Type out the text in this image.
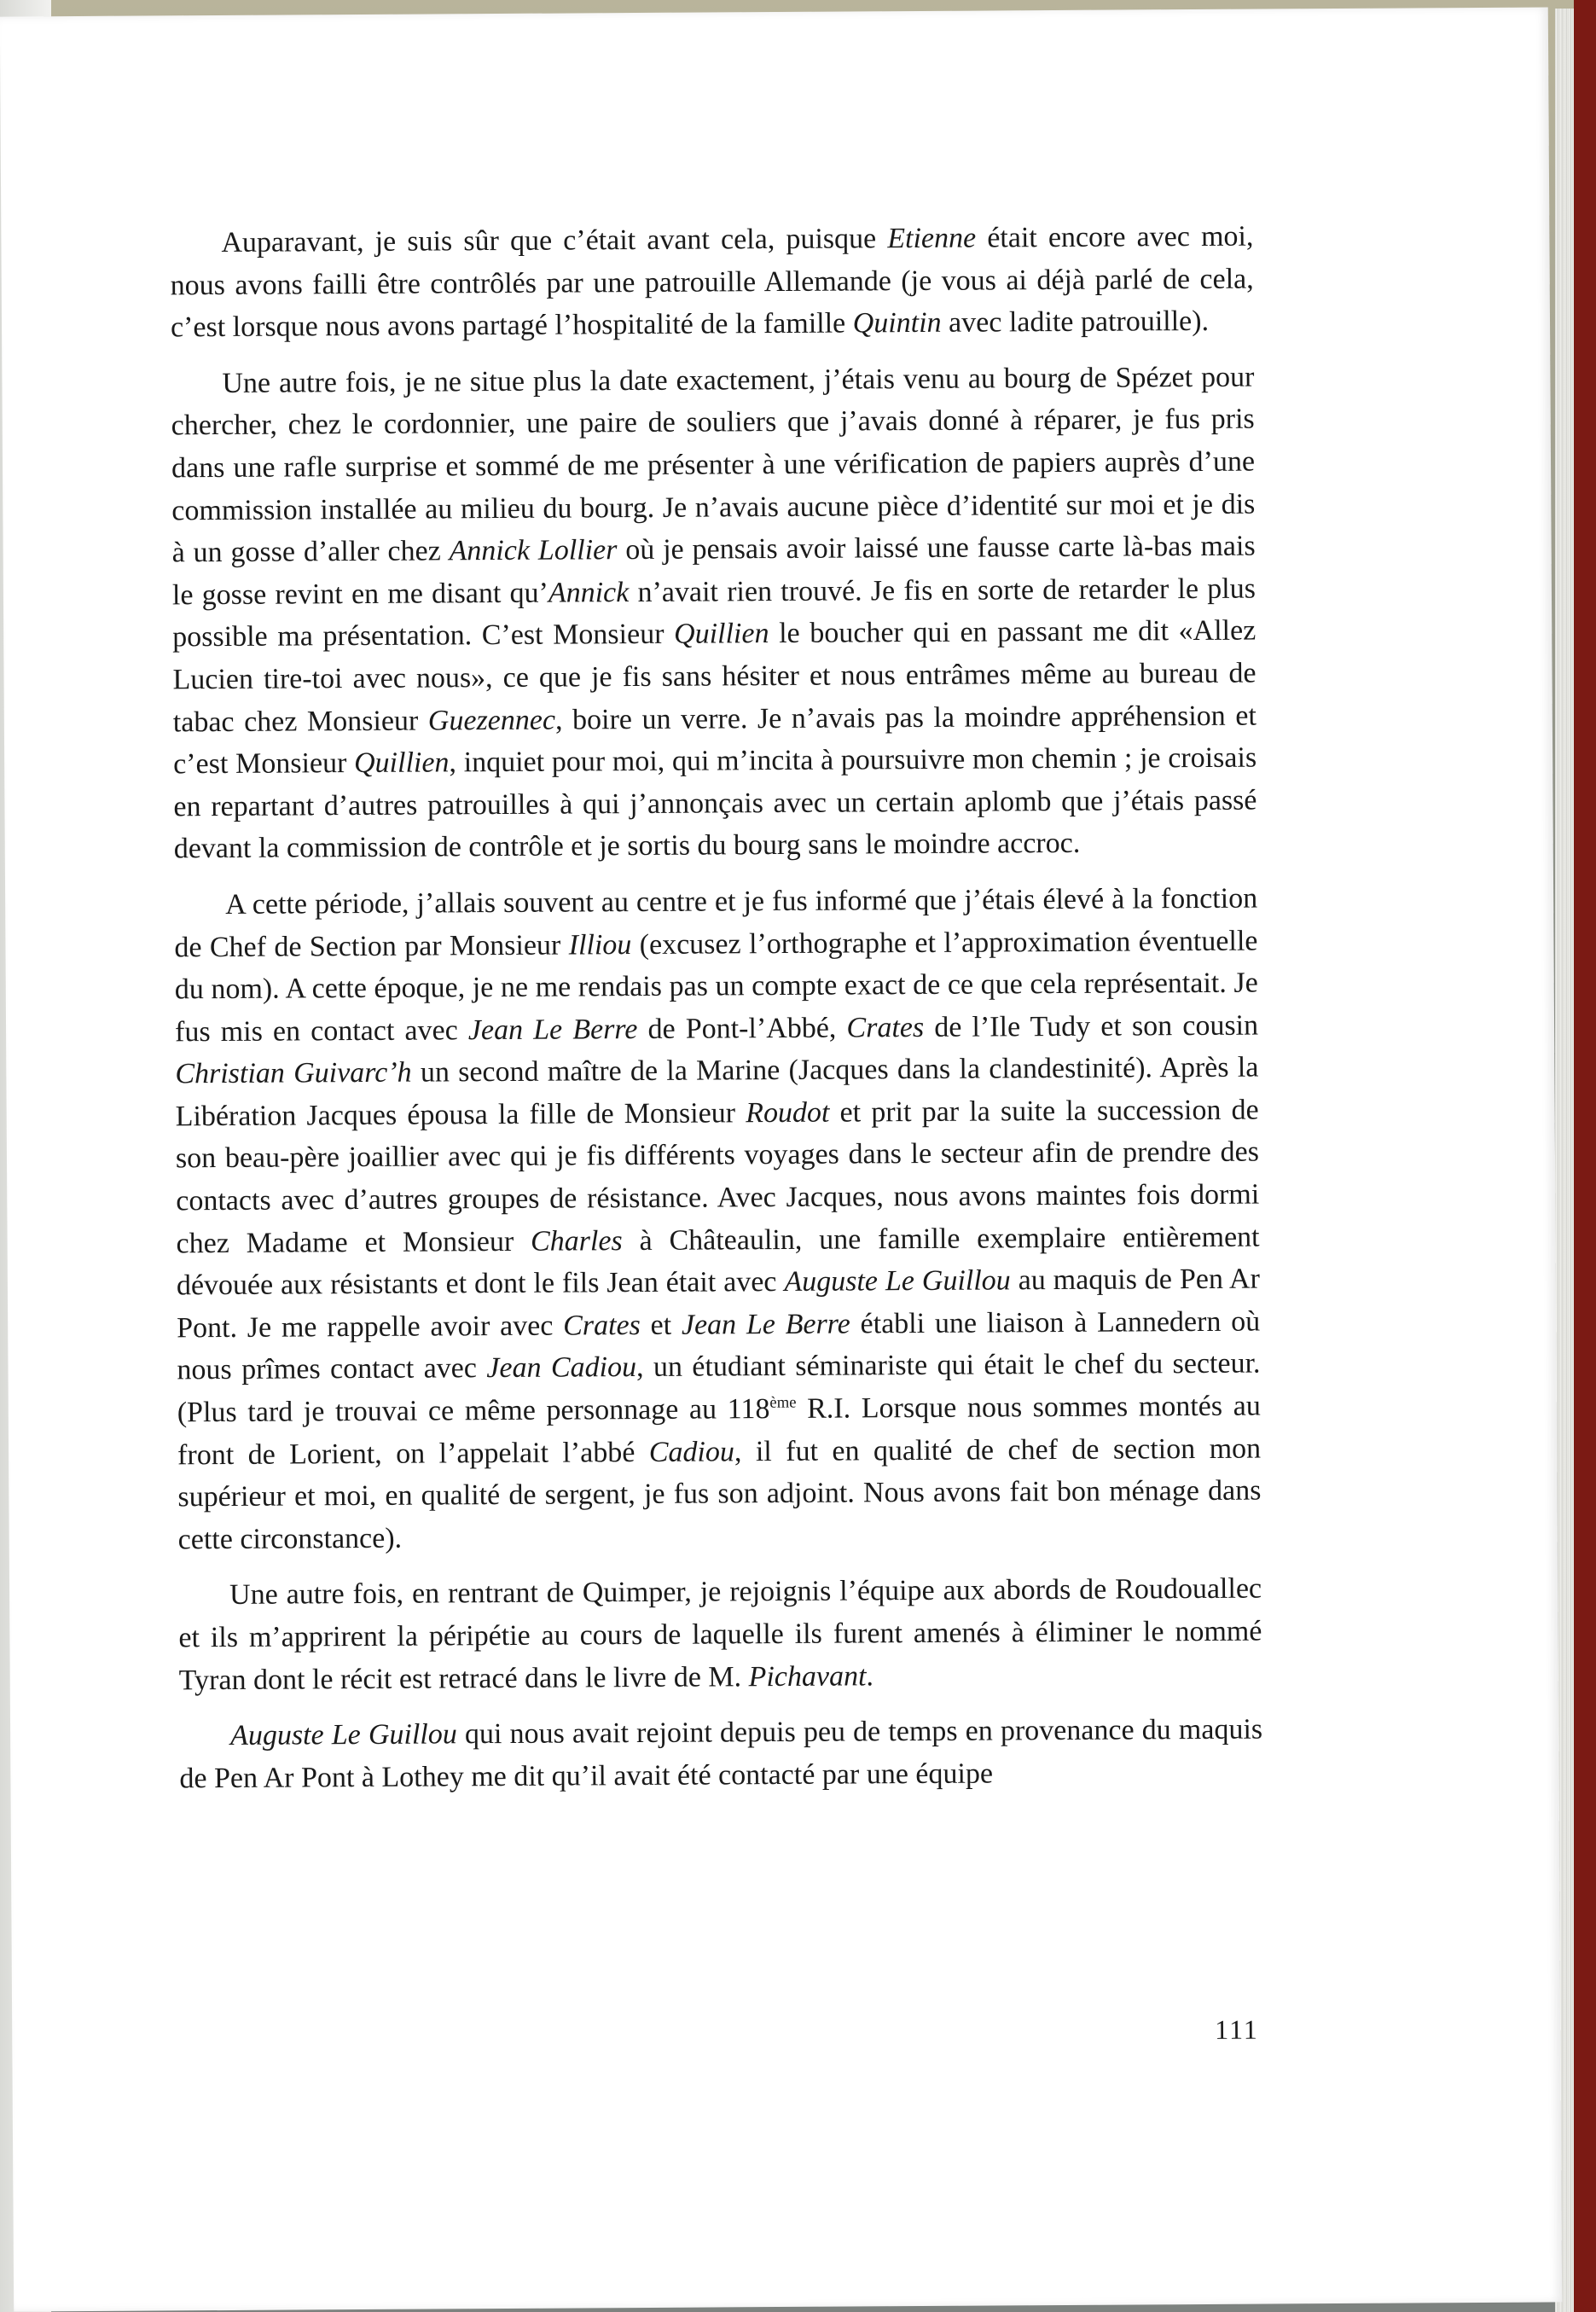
Auparavant, je suis sûr que c’était avant cela, puisque Etienne était encore avec moi, nous avons failli être contrôlés par une patrouille Allemande (je vous ai déjà parlé de cela, c’est lorsque nous avons partagé l’hospitalité de la famille Quintin avec ladite patrouille).

Une autre fois, je ne situe plus la date exactement, j’étais venu au bourg de Spézet pour chercher, chez le cordonnier, une paire de souliers que j’avais donné à réparer, je fus pris dans une rafle surprise et sommé de me présenter à une vérification de papiers auprès d’une commission installée au milieu du bourg. Je n’avais aucune pièce d’identité sur moi et je dis à un gosse d’aller chez Annick Lollier où je pensais avoir laissé une fausse carte là-bas mais le gosse revint en me disant qu’Annick n’avait rien trouvé. Je fis en sorte de retarder le plus possible ma présentation. C’est Monsieur Quillien le boucher qui en passant me dit «Allez Lucien tire-toi avec nous», ce que je fis sans hésiter et nous entrâmes même au bureau de tabac chez Monsieur Guezennec, boire un verre. Je n’avais pas la moindre appréhension et c’est Monsieur Quillien, inquiet pour moi, qui m’incita à poursuivre mon chemin ; je croisais en repartant d’autres patrouilles à qui j’annonçais avec un certain aplomb que j’étais passé devant la commission de contrôle et je sortis du bourg sans le moindre accroc.

A cette période, j’allais souvent au centre et je fus informé que j’étais élevé à la fonction de Chef de Section par Monsieur Illiou (excusez l’orthographe et l’approximation éventuelle du nom). A cette époque, je ne me rendais pas un compte exact de ce que cela représentait. Je fus mis en contact avec Jean Le Berre de Pont-l’Abbé, Crates de l’Ile Tudy et son cousin Christian Guivarc’h un second maître de la Marine (Jacques dans la clandestinité). Après la Libération Jacques épousa la fille de Monsieur Roudot et prit par la suite la succession de son beau-père joaillier avec qui je fis différents voyages dans le secteur afin de prendre des contacts avec d’autres groupes de résistance. Avec Jacques, nous avons maintes fois dormi chez Madame et Monsieur Charles à Châteaulin, une famille exemplaire entièrement dévouée aux résistants et dont le fils Jean était avec Auguste Le Guillou au maquis de Pen Ar Pont. Je me rappelle avoir avec Crates et Jean Le Berre établi une liaison à Lannedern où nous prîmes contact avec Jean Cadiou, un étudiant séminariste qui était le chef du secteur. (Plus tard je trouvai ce même personnage au 118ème R.I. Lorsque nous sommes montés au front de Lorient, on l’appelait l’abbé Cadiou, il fut en qualité de chef de section mon supérieur et moi, en qualité de sergent, je fus son adjoint. Nous avons fait bon ménage dans cette circonstance).

Une autre fois, en rentrant de Quimper, je rejoignis l’équipe aux abords de Roudouallec et ils m’apprirent la péripétie au cours de laquelle ils furent amenés à éliminer le nommé Tyran dont le récit est retracé dans le livre de M. Pichavant.

Auguste Le Guillou qui nous avait rejoint depuis peu de temps en provenance du maquis de Pen Ar Pont à Lothey me dit qu’il avait été contacté par une équipe

111
